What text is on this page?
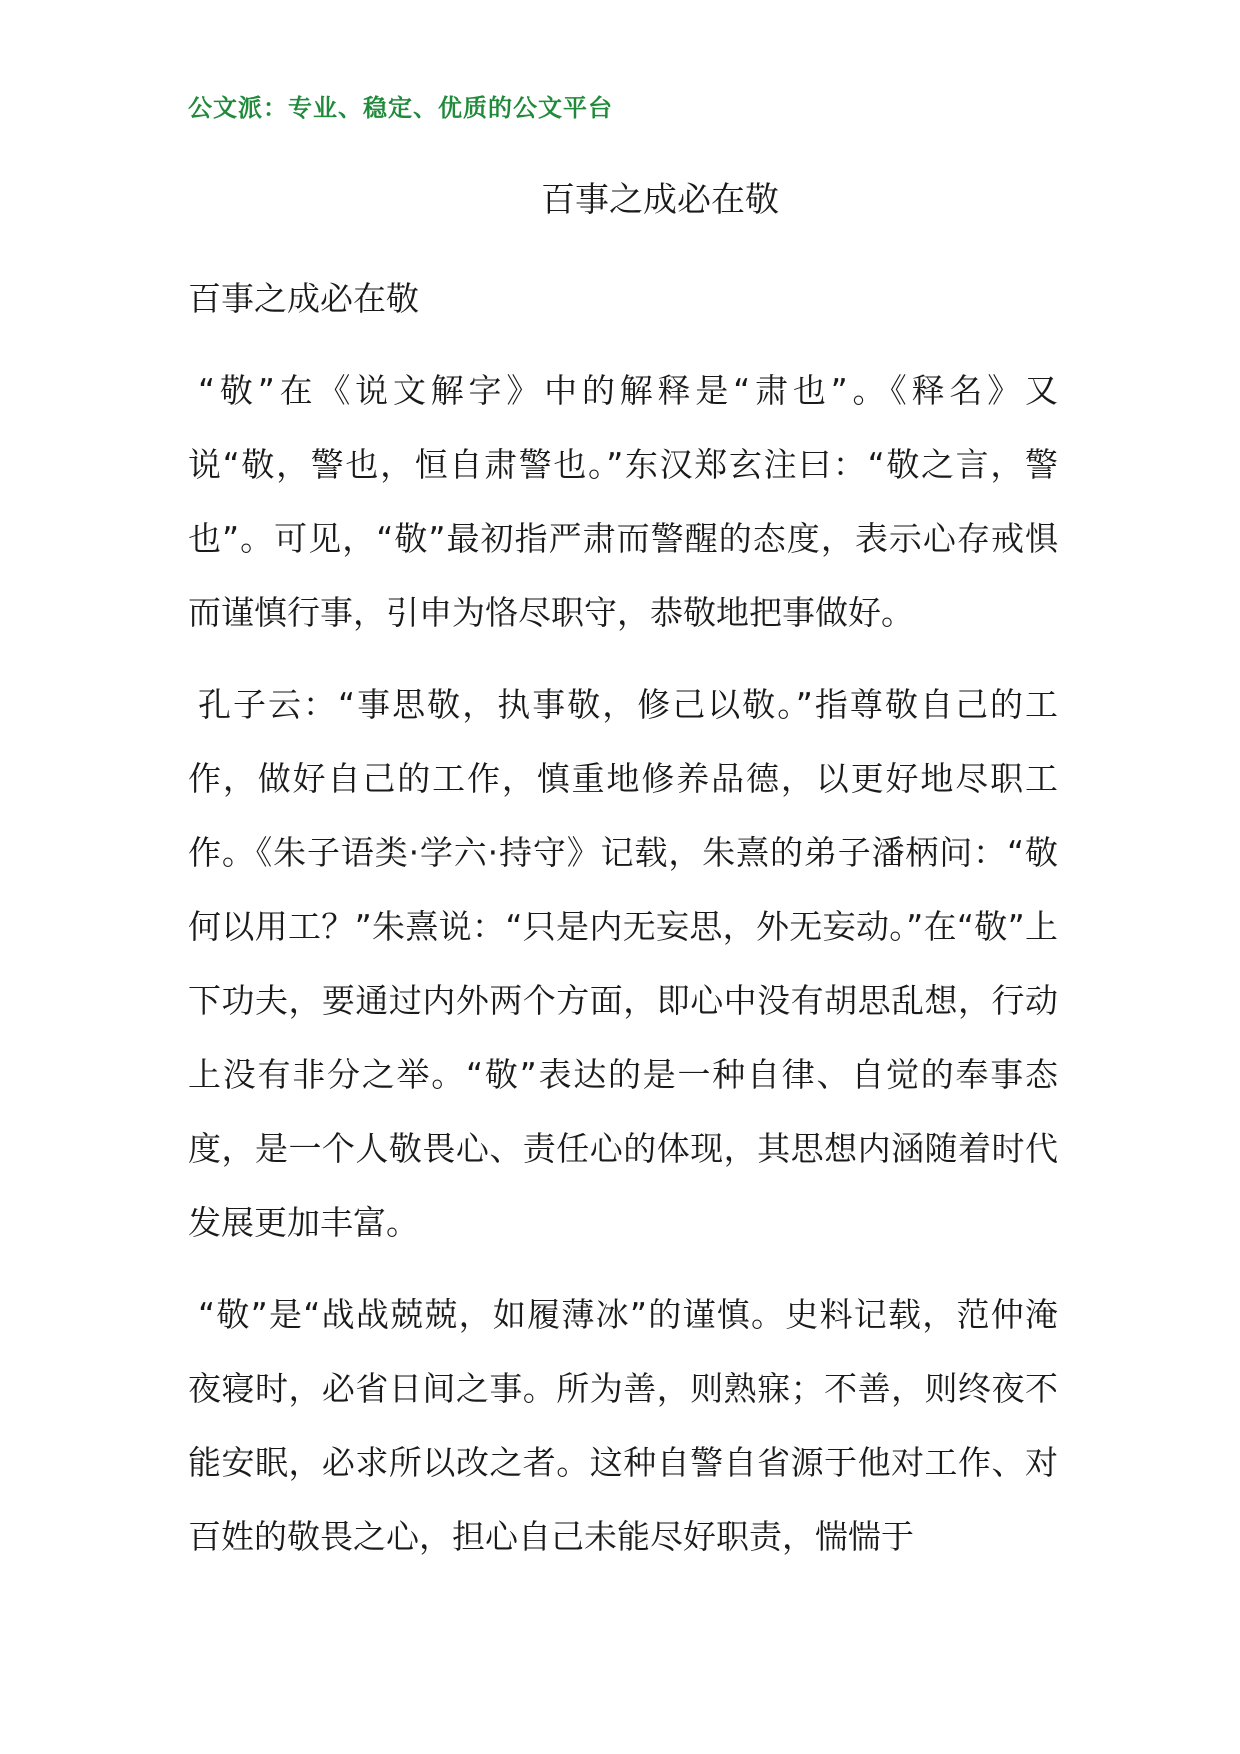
公文派：专业、稳定、优质的公文平台
百事之成必在敬

百事之成必在敬

“敬”在《说文解字》中的解释是“肃也”。《释名》又说“敬，警也，恒自肃警也。”东汉郑玄注曰：“敬之言，警也”。可见，“敬”最初指严肃而警醒的态度，表示心存戒惧而谨慎行事，引申为恪尽职守，恭敬地把事做好。

孔子云：“事思敬，执事敬，修己以敬。”指尊敬自己的工作，做好自己的工作，慎重地修养品德，以更好地尽职工作。《朱子语类·学六·持守》记载，朱熹的弟子潘柄问：“敬何以用工？”朱熹说：“只是内无妄思，外无妄动。”在“敬”上下功夫，要通过内外两个方面，即心中没有胡思乱想，行动上没有非分之举。“敬”表达的是一种自律、自觉的奉事态度，是一个人敬畏心、责任心的体现，其思想内涵随着时代发展更加丰富。

“敬”是“战战兢兢，如履薄冰”的谨慎。史料记载，范仲淹夜寝时，必省日间之事。所为善，则熟寐；不善，则终夜不能安眠，必求所以改之者。这种自警自省源于他对工作、对百姓的敬畏之心，担心自己未能尽好职责，惴惴于
